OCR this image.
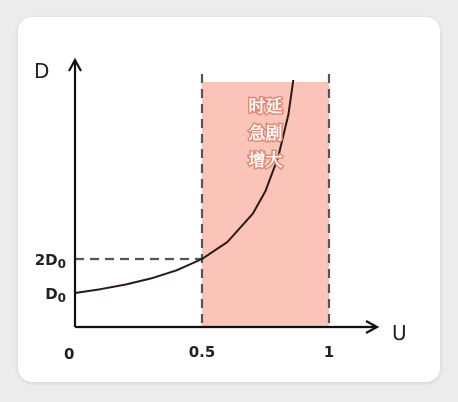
D
U
0	0.5	1
$D_0$
$2D_0$
时延
急剧
增大
